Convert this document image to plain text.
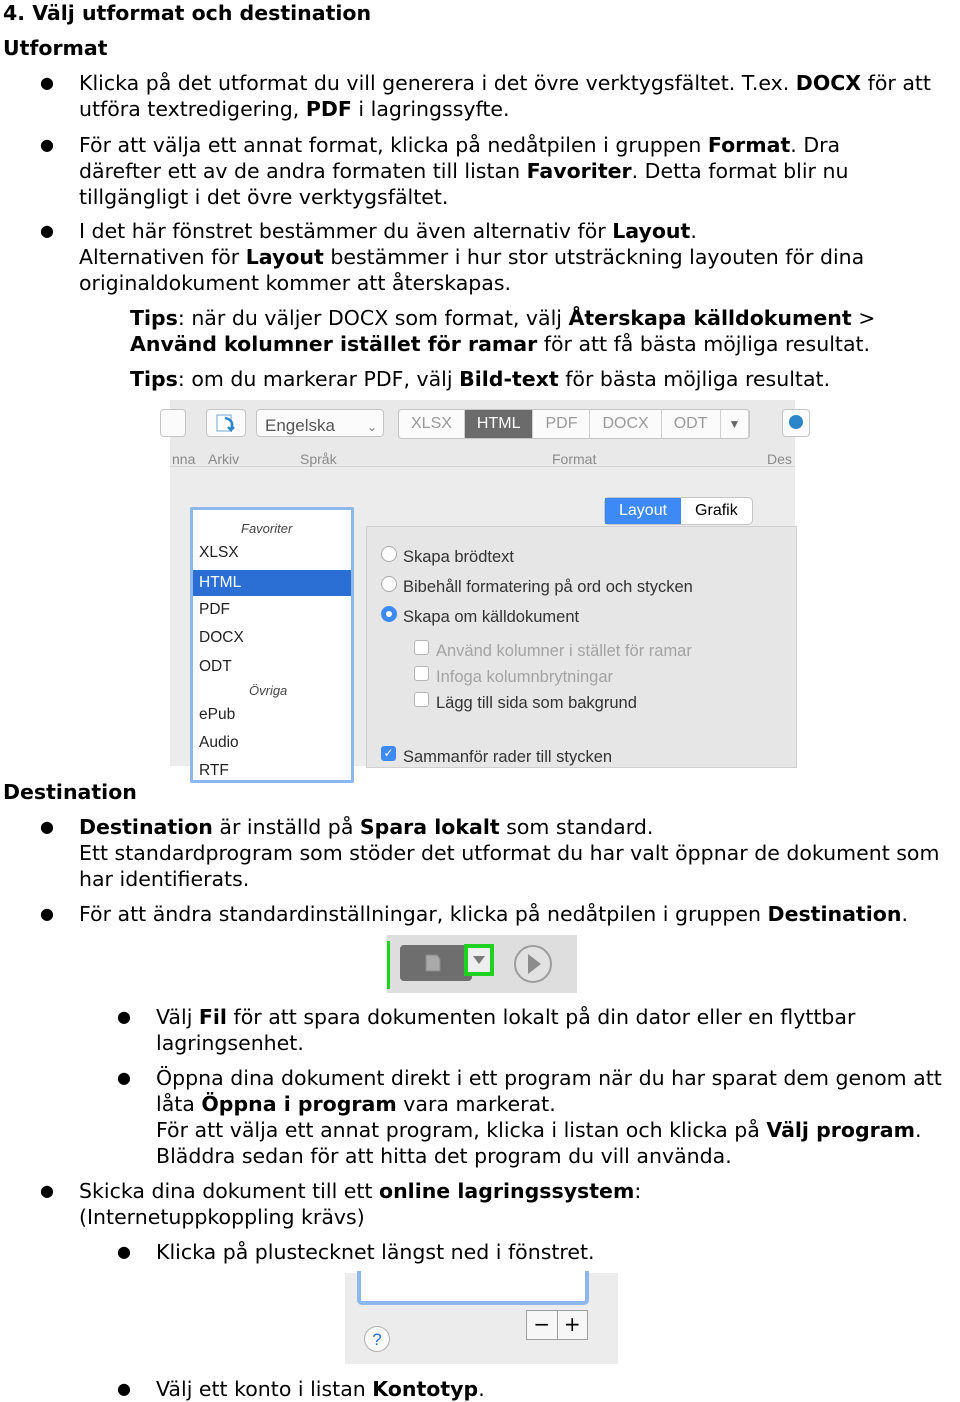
4. Välj utformat och destination
Utformat
● Klicka på det utformat du vill generera i det övre verktygsfältet. T.ex. DOCX för att utföra textredigering, PDF i lagringssyfte.

● För att välja ett annat format, klicka på nedåtpilen i gruppen Format. Dra därefter ett av de andra formaten till listan Favoriter. Detta format blir nu tillgängligt i det övre verktygsfältet.

● I det här fönstret bestämmer du även alternativ för Layout.
Alternativen för Layout bestämmer i hur stor utsträckning layouten för dina originaldokument kommer att återskapas.

Tips: när du väljer DOCX som format, välj Återskapa källdokument > Använd kolumner istället för ramar för att få bästa möjliga resultat.

Tips: om du markerar PDF, välj Bild-text för bästa möjliga resultat.

Engelska	⌄	XLSX	HTML	PDF	DOCX	ODT	▼
nna Arkiv	Språk	Format	Des
Favoriter
XLSX
HTML
PDF
DOCX
ODT
Övriga
ePub
Audio
RTF
Layout	Grafik
Skapa brödtext
Bibehåll formatering på ord och stycken
Skapa om källdokument
Använd kolumner i stället för ramar
Infoga kolumnbrytningar
Lägg till sida som bakgrund
✓ Sammanför rader till stycken
Destination
● Destination är inställd på Spara lokalt som standard.
Ett standardprogram som stöder det utformat du har valt öppnar de dokument som har identifierats.

● För att ändra standardinställningar, klicka på nedåtpilen i gruppen Destination.

● Välj Fil för att spara dokumenten lokalt på din dator eller en flyttbar lagringsenhet.

● Öppna dina dokument direkt i ett program när du har sparat dem genom att låta Öppna i program vara markerat.
För att välja ett annat program, klicka i listan och klicka på Välj program. Bläddra sedan för att hitta det program du vill använda.

● Skicka dina dokument till ett online lagringssystem:
(Internetuppkoppling krävs)

● Klicka på plustecknet längst ned i fönstret.

?
− +
● Välj ett konto i listan Kontotyp.
